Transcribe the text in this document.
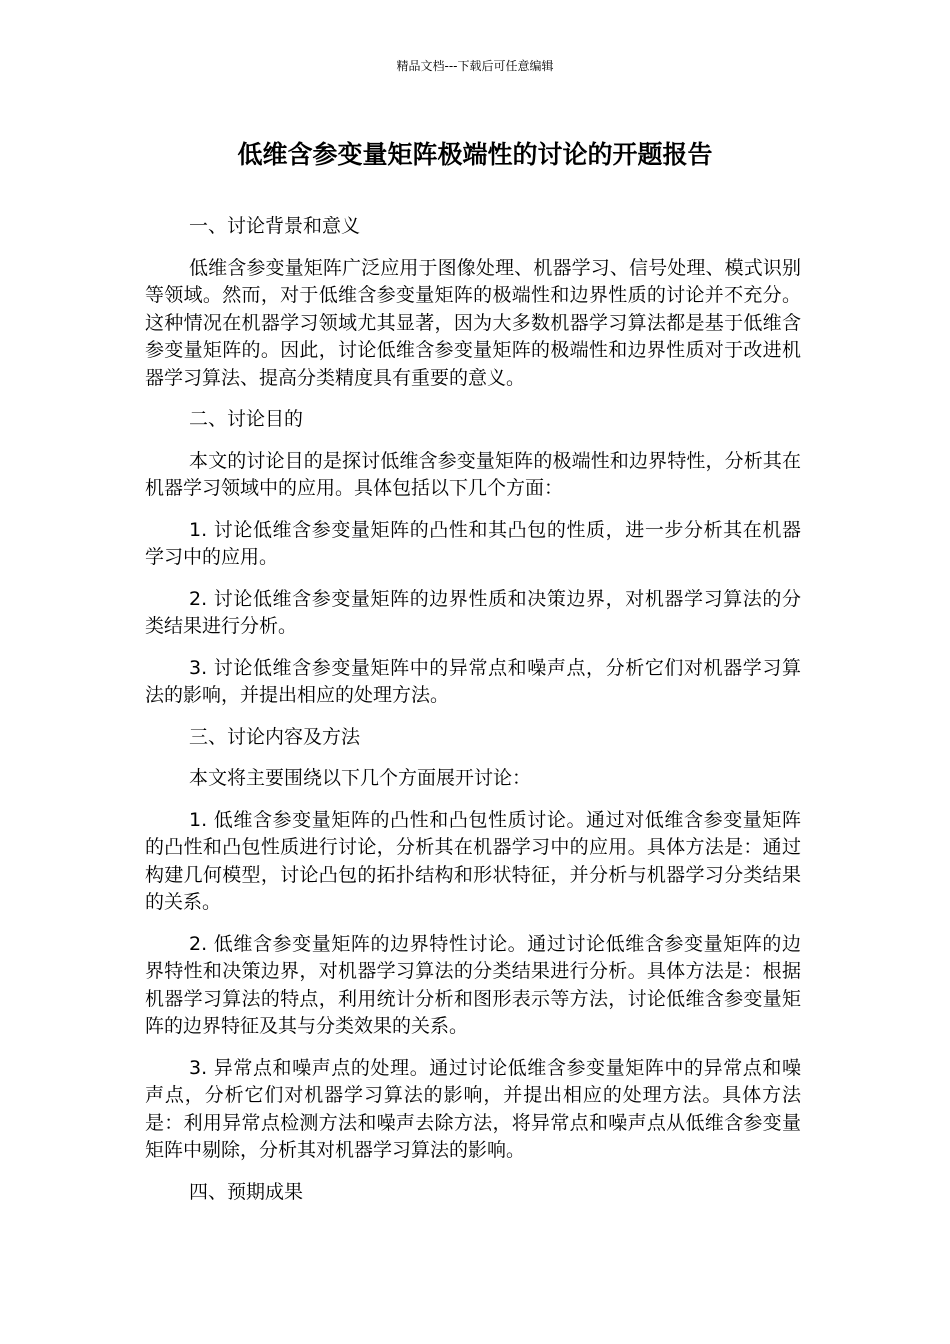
精品文档---下载后可任意编辑
低维含参变量矩阵极端性的讨论的开题报告
一、讨论背景和意义

低维含参变量矩阵广泛应用于图像处理、机器学习、信号处理、模式识别等领域。然而，对于低维含参变量矩阵的极端性和边界性质的讨论并不充分。这种情况在机器学习领域尤其显著，因为大多数机器学习算法都是基于低维含参变量矩阵的。因此，讨论低维含参变量矩阵的极端性和边界性质对于改进机器学习算法、提高分类精度具有重要的意义。

二、讨论目的

本文的讨论目的是探讨低维含参变量矩阵的极端性和边界特性，分析其在机器学习领域中的应用。具体包括以下几个方面：

1. 讨论低维含参变量矩阵的凸性和其凸包的性质，进一步分析其在机器学习中的应用。

2. 讨论低维含参变量矩阵的边界性质和决策边界，对机器学习算法的分类结果进行分析。

3. 讨论低维含参变量矩阵中的异常点和噪声点，分析它们对机器学习算法的影响，并提出相应的处理方法。

三、讨论内容及方法

本文将主要围绕以下几个方面展开讨论：

1. 低维含参变量矩阵的凸性和凸包性质讨论。通过对低维含参变量矩阵的凸性和凸包性质进行讨论，分析其在机器学习中的应用。具体方法是：通过构建几何模型，讨论凸包的拓扑结构和形状特征，并分析与机器学习分类结果的关系。

2. 低维含参变量矩阵的边界特性讨论。通过讨论低维含参变量矩阵的边界特性和决策边界，对机器学习算法的分类结果进行分析。具体方法是：根据机器学习算法的特点，利用统计分析和图形表示等方法，讨论低维含参变量矩阵的边界特征及其与分类效果的关系。

3. 异常点和噪声点的处理。通过讨论低维含参变量矩阵中的异常点和噪声点，分析它们对机器学习算法的影响，并提出相应的处理方法。具体方法是：利用异常点检测方法和噪声去除方法，将异常点和噪声点从低维含参变量矩阵中剔除，分析其对机器学习算法的影响。

四、预期成果
